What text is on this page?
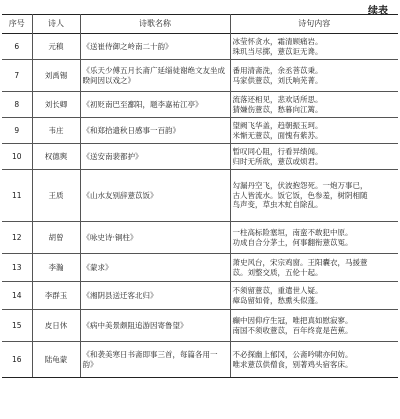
续表
序号	诗人	诗歌名称	诗句内容
6	元稹	《送崔侍御之岭南二十韵》	冰莹怀贪水，霜清顾痛岩。
珠玑当尽掷，薏苡讵无谗。
7	刘禹锡	《乐天少傅五月长斋广延缁徒谢绝文友坐成睽间因以戏之》	番用清斋洗，余丞菩苡秉。
马家供薏苡，刘氏响芜菁。
8	刘长卿	《初贬南巴至鄱阳，题李嘉祐江亭》	流落还相见，悲欢话所思。
猜嫌伤薏苡，愁暮向江篱。
9	韦庄	《和郑拾遗秋日感事一百韵》	望阙飞华盖，趋朝振玉珂。
米惭无薏苡，面愧有紫苏。
10	权德舆	《送安南裴都护》	暂叹同心阻，行看异绩闻。
归时无所欲，薏苡或烦君。
11	王质	《山水友别辞薏苡饭》	勾漏丹空飞，伏波抱怨死。一炮万事已，
古人皆流水。饭它饭，色参羞，树阴相随
鸟声变，草虫木虻自除乱。
12	胡曾	《咏史诗·铜柱》	一柱高标险塞垣，南蛮不敢犯中原。
功成自合分茅土，何事翻衔薏苡冤。
13	李瀚	《蒙求》	萧史风台，宋宗鸡窗。王阳囊衣，马援薏
苡。刘整交质，五伦十起。
14	李群玉	《湘阴县送迁客北归》	不须留薏苡，重遣世人疑。
瘴岛留如骨，愁熏头似蓬。
15	皮日休	《病中美景颇阻追游因寄鲁望》	癫中因仰疗生冠，唯把真如慰寂寥。
南国不须收薏苡，百年终竟是芭蕉。
16	陆龟蒙	《和袭美寒日书斋即事三首，每篇各用一韵》	不必探幽上郁冈，公斋吟啸亦何妨。
唯求薏苡供僧食，别著鸡头宿客床。
